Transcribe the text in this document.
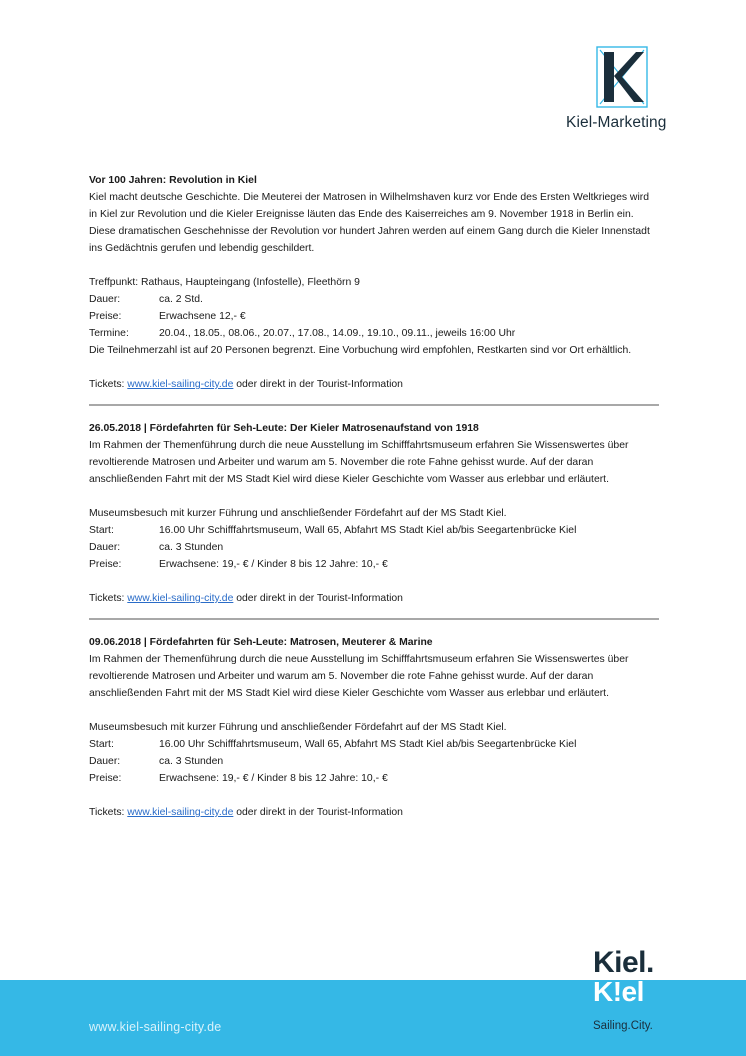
Kiel-Marketing
Vor 100 Jahren: Revolution in Kiel
Kiel macht deutsche Geschichte. Die Meuterei der Matrosen in Wilhelmshaven kurz vor Ende des Ersten Weltkrieges wird in Kiel zur Revolution und die Kieler Ereignisse läuten das Ende des Kaiserreiches am 9. November 1918 in Berlin ein. Diese dramatischen Geschehnisse der Revolution vor hundert Jahren werden auf einem Gang durch die Kieler Innenstadt ins Gedächtnis gerufen und lebendig geschildert.
Treffpunkt: Rathaus, Haupteingang (Infostelle), Fleethörn 9
Dauer:	ca. 2 Std.
Preise:	Erwachsene 12,- €
Termine:	20.04., 18.05., 08.06., 20.07., 17.08., 14.09., 19.10., 09.11., jeweils 16:00 Uhr
Die Teilnehmerzahl ist auf 20 Personen begrenzt. Eine Vorbuchung wird empfohlen, Restkarten sind vor Ort erhältlich.
Tickets: www.kiel-sailing-city.de oder direkt in der Tourist-Information
26.05.2018 | Fördefahrten für Seh-Leute: Der Kieler Matrosenaufstand von 1918
Im Rahmen der Themenführung durch die neue Ausstellung im Schifffahrtsmuseum erfahren Sie Wissenswertes über revoltierende Matrosen und Arbeiter und warum am 5. November die rote Fahne gehisst wurde. Auf der daran anschließenden Fahrt mit der MS Stadt Kiel wird diese Kieler Geschichte vom Wasser aus erlebbar und erläutert.
Museumsbesuch mit kurzer Führung und anschließender Fördefahrt auf der MS Stadt Kiel.
Start:	16.00 Uhr Schifffahrtsmuseum, Wall 65, Abfahrt MS Stadt Kiel ab/bis Seegartenbrücke Kiel
Dauer:	ca. 3 Stunden
Preise:	Erwachsene: 19,- € / Kinder 8 bis 12 Jahre: 10,- €
Tickets: www.kiel-sailing-city.de oder direkt in der Tourist-Information
09.06.2018 | Fördefahrten für Seh-Leute: Matrosen, Meuterer & Marine
Im Rahmen der Themenführung durch die neue Ausstellung im Schifffahrtsmuseum erfahren Sie Wissenswertes über revoltierende Matrosen und Arbeiter und warum am 5. November die rote Fahne gehisst wurde. Auf der daran anschließenden Fahrt mit der MS Stadt Kiel wird diese Kieler Geschichte vom Wasser aus erlebbar und erläutert.
Museumsbesuch mit kurzer Führung und anschließender Fördefahrt auf der MS Stadt Kiel.
Start:	16.00 Uhr Schifffahrtsmuseum, Wall 65, Abfahrt MS Stadt Kiel ab/bis Seegartenbrücke Kiel
Dauer:	ca. 3 Stunden
Preise:	Erwachsene: 19,- € / Kinder 8 bis 12 Jahre: 10,- €
Tickets: www.kiel-sailing-city.de oder direkt in der Tourist-Information
www.kiel-sailing-city.de
Kiel.
K!el
Sailing.City.
